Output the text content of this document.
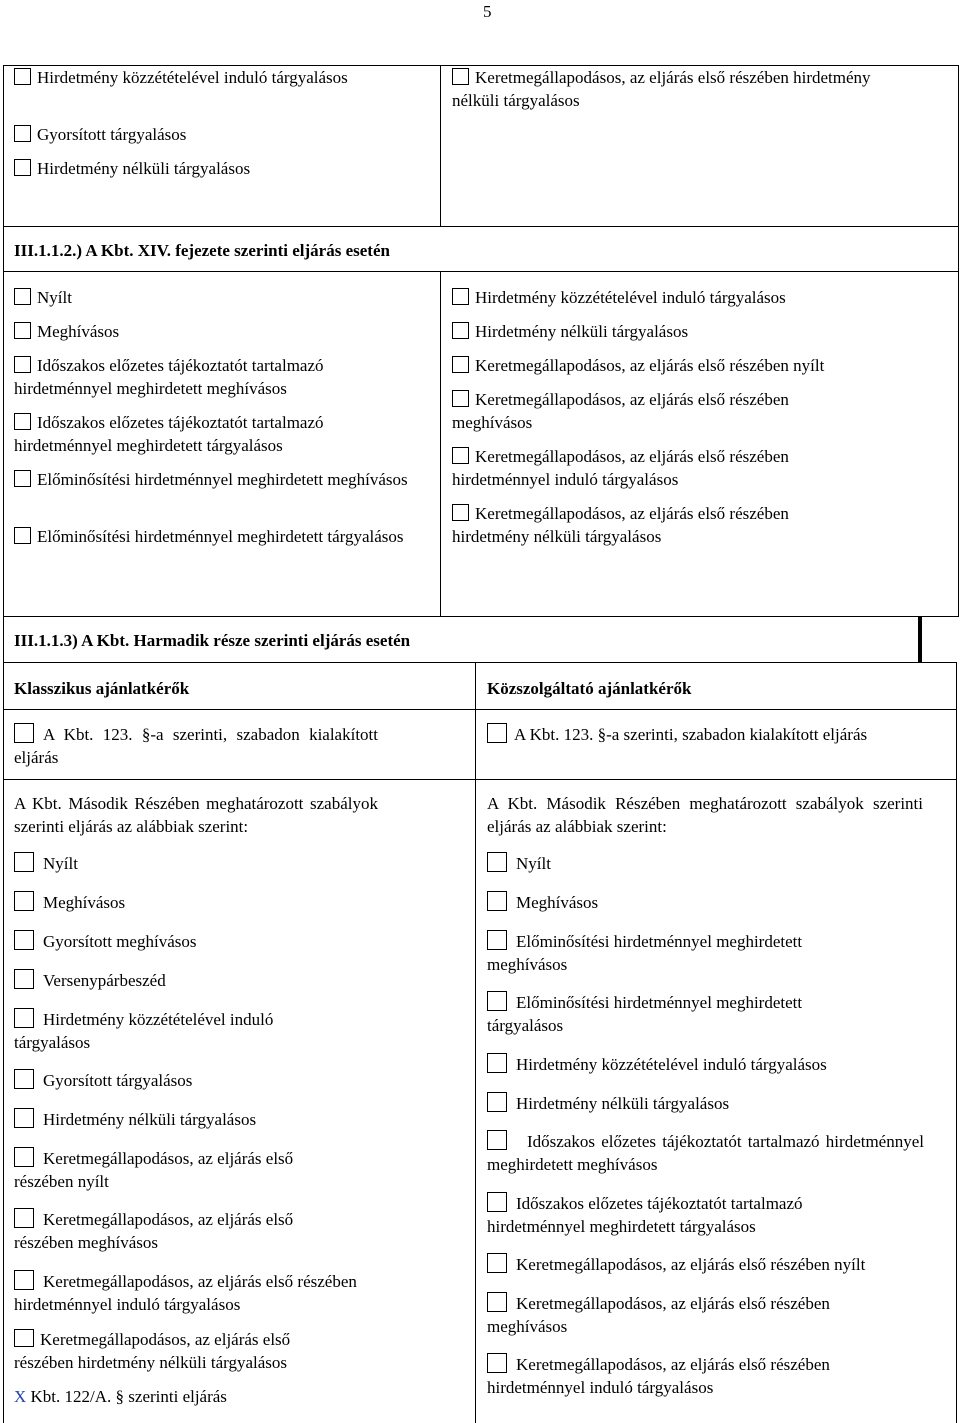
5
Hirdetmény közzétételével induló tárgyalásos
Gyorsított tárgyalásos
Hirdetmény nélküli tárgyalásos
Keretmegállapodásos, az eljárás első részében hirdetmény nélküli tárgyalásos
III.1.1.2.) A Kbt. XIV. fejezete szerinti eljárás esetén
Nyílt
Meghívásos
Időszakos előzetes tájékoztatót tartalmazó hirdetménnyel meghirdetett meghívásos
Időszakos előzetes tájékoztatót tartalmazó hirdetménnyel meghirdetett tárgyalásos
Előminősítési hirdetménnyel meghirdetett meghívásos
Előminősítési hirdetménnyel meghirdetett tárgyalásos
Hirdetmény közzétételével induló tárgyalásos
Hirdetmény nélküli tárgyalásos
Keretmegállapodásos, az eljárás első részében nyílt
Keretmegállapodásos, az eljárás első részében meghívásos
Keretmegállapodásos, az eljárás első részében hirdetménnyel induló tárgyalásos
Keretmegállapodásos, az eljárás első részében hirdetmény nélküli tárgyalásos
III.1.1.3) A Kbt. Harmadik része szerinti eljárás esetén
Klasszikus ajánlatkérők	Közszolgáltató ajánlatkérők
A Kbt. 123. §-a szerinti, szabadon kialakított eljárás
A Kbt. 123. §-a szerinti, szabadon kialakított eljárás
A Kbt. Második Részében meghatározott szabályok szerinti eljárás az alábbiak szerint:
A Kbt. Második Részében meghatározott szabályok szerinti eljárás az alábbiak szerint:
Nyílt
Meghívásos
Gyorsított meghívásos
Versenypárbeszéd
Hirdetmény közzétételével induló tárgyalásos
Gyorsított tárgyalásos
Hirdetmény nélküli tárgyalásos
Keretmegállapodásos, az eljárás első részében nyílt
Keretmegállapodásos, az eljárás első részében meghívásos
Keretmegállapodásos, az eljárás első részében hirdetménnyel induló tárgyalásos
Keretmegállapodásos, az eljárás első részében hirdetmény nélküli tárgyalásos
X Kbt. 122/A. § szerinti eljárás
Nyílt
Meghívásos
Előminősítési hirdetménnyel meghirdetett meghívásos
Előminősítési hirdetménnyel meghirdetett tárgyalásos
Hirdetmény közzétételével induló tárgyalásos
Hirdetmény nélküli tárgyalásos
Időszakos előzetes tájékoztatót tartalmazó hirdetménnyel meghirdetett meghívásos
Időszakos előzetes tájékoztatót tartalmazó hirdetménnyel meghirdetett tárgyalásos
Keretmegállapodásos, az eljárás első részében nyílt
Keretmegállapodásos, az eljárás első részében meghívásos
Keretmegállapodásos, az eljárás első részében hirdetménnyel induló tárgyalásos
